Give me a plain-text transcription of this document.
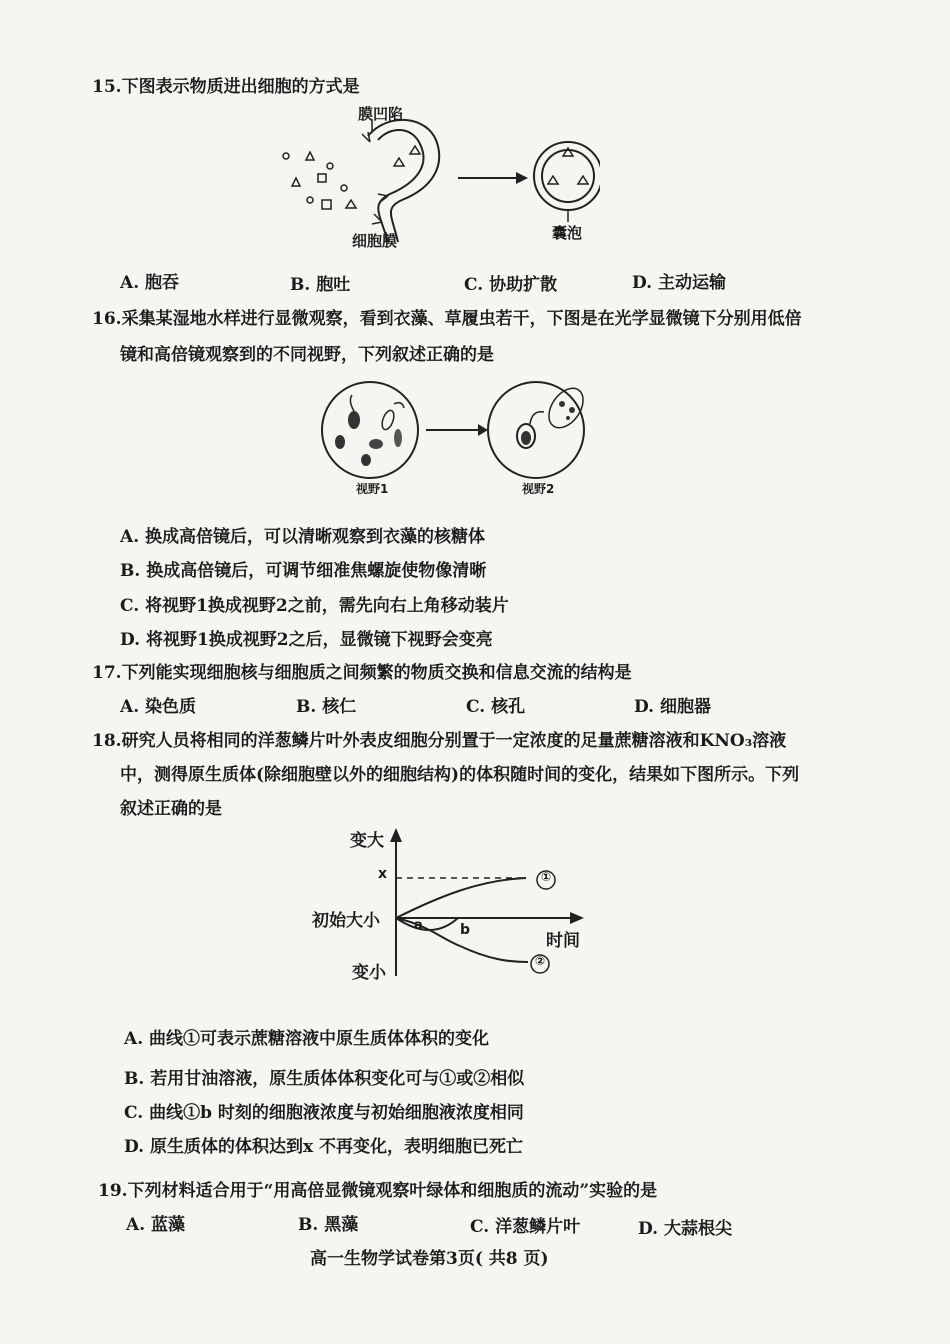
15.下图表示物质进出细胞的方式是
膜凹陷
细胞膜	囊泡
A. 胞吞	B. 胞吐	C. 协助扩散	D. 主动运输
16.采集某湿地水样进行显微观察，看到衣藻、草履虫若干，下图是在光学显微镜下分别用低倍
镜和高倍镜观察到的不同视野，下列叙述正确的是
视野1	视野2
A. 换成高倍镜后，可以清晰观察到衣藻的核糖体
B. 换成高倍镜后，可调节细准焦螺旋使物像清晰
C. 将视野1换成视野2之前，需先向右上角移动装片
D. 将视野1换成视野2之后，显微镜下视野会变亮
17.下列能实现细胞核与细胞质之间频繁的物质交换和信息交流的结构是
A. 染色质	B. 核仁	C. 核孔	D. 细胞器
18.研究人员将相同的洋葱鳞片叶外表皮细胞分别置于一定浓度的足量蔗糖溶液和KNO₃溶液
中，测得原生质体(除细胞壁以外的细胞结构)的体积随时间的变化，结果如下图所示。下列
叙述正确的是
变大
x
初始大小	a	b
时间
变小
①
②
A. 曲线①可表示蔗糖溶液中原生质体体积的变化
B. 若用甘油溶液，原生质体体积变化可与①或②相似
C. 曲线①b 时刻的细胞液浓度与初始细胞液浓度相同
D. 原生质体的体积达到x 不再变化，表明细胞已死亡
19.下列材料适合用于“用高倍显微镜观察叶绿体和细胞质的流动”实验的是
A. 蓝藻	B. 黑藻	C. 洋葱鳞片叶	D. 大蒜根尖
高一生物学试卷第3页( 共8 页)
